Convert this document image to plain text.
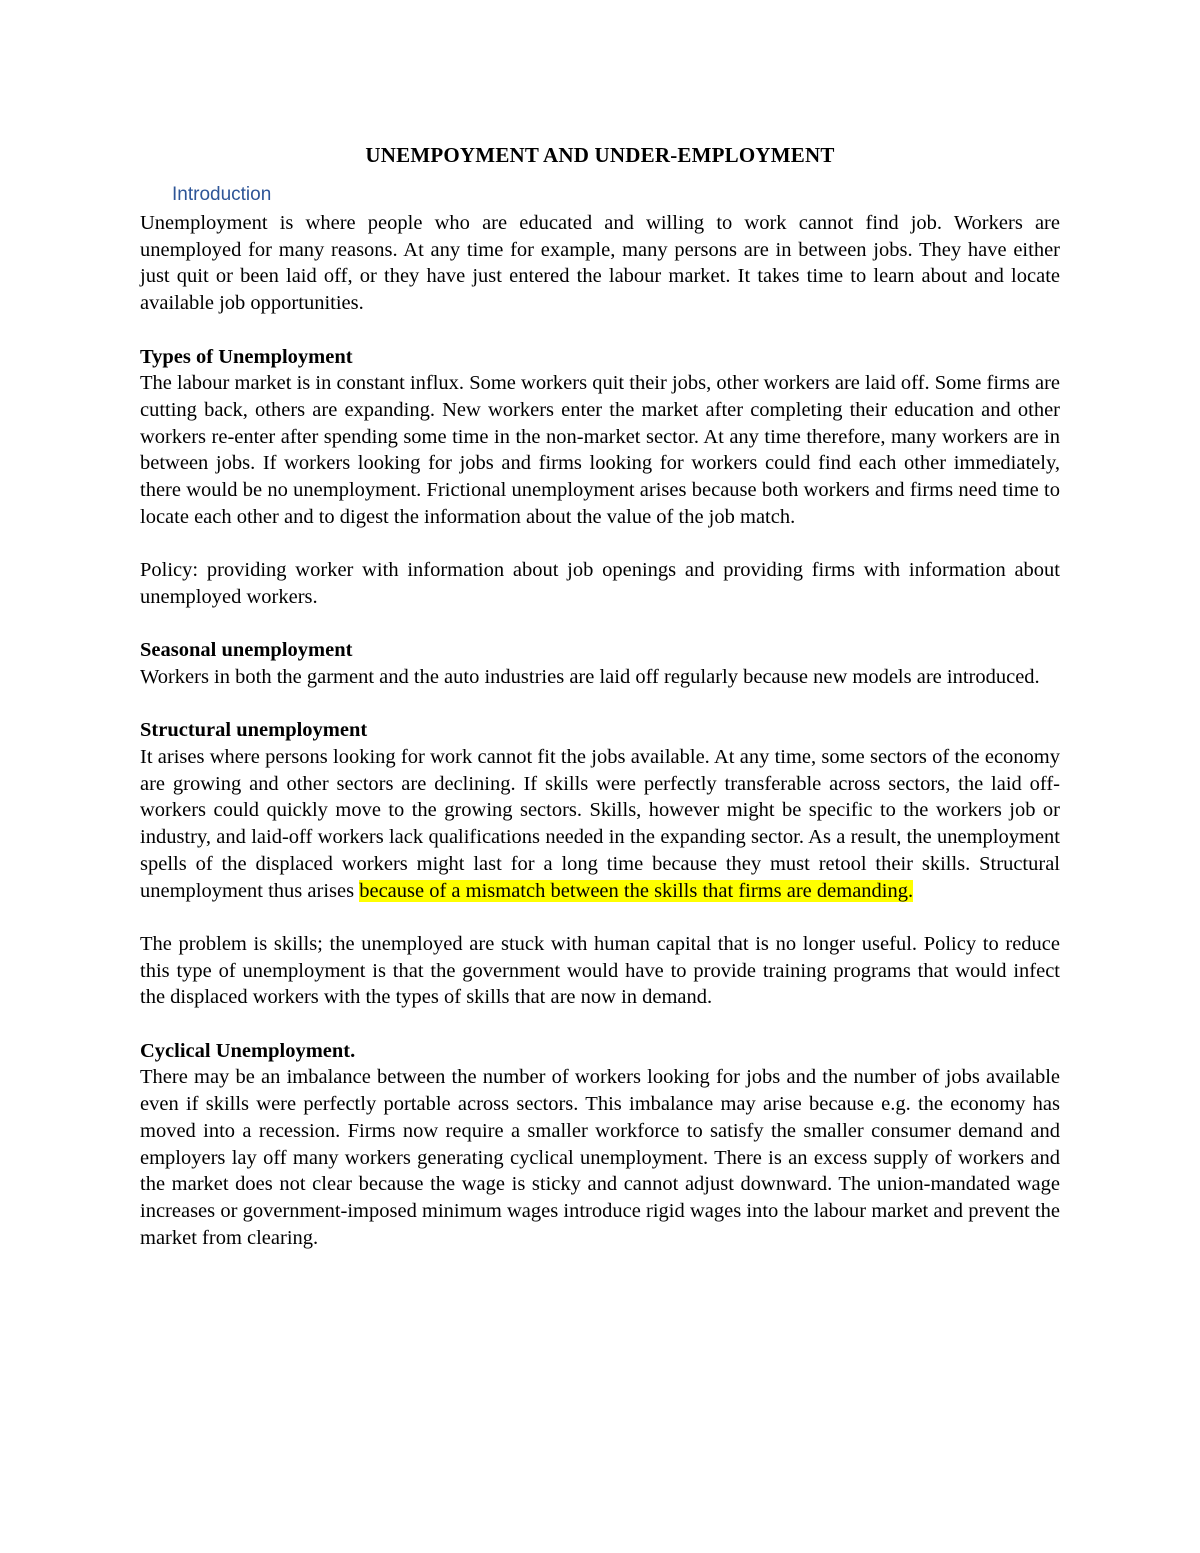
UNEMPOYMENT AND UNDER-EMPLOYMENT
Introduction

Unemployment is where people who are educated and willing to work cannot find job. Workers are unemployed for many reasons. At any time for example, many persons are in between jobs. They have either just quit or been laid off, or they have just entered the labour market. It takes time to learn about and locate available job opportunities.

Types of Unemployment

The labour market is in constant influx. Some workers quit their jobs, other workers are laid off. Some firms are cutting back, others are expanding. New workers enter the market after completing their education and other workers re-enter after spending some time in the non-market sector. At any time therefore, many workers are in between jobs. If workers looking for jobs and firms looking for workers could find each other immediately, there would be no unemployment. Frictional unemployment arises because both workers and firms need time to locate each other and to digest the information about the value of the job match.

Policy: providing worker with information about job openings and providing firms with information about unemployed workers.

Seasonal unemployment

Workers in both the garment and the auto industries are laid off regularly because new models are introduced.

Structural unemployment

It arises where persons looking for work cannot fit the jobs available. At any time, some sectors of the economy are growing and other sectors are declining. If skills were perfectly transferable across sectors, the laid off-workers could quickly move to the growing sectors. Skills, however might be specific to the workers job or industry, and laid-off workers lack qualifications needed in the expanding sector. As a result, the unemployment spells of the displaced workers might last for a long time because they must retool their skills. Structural unemployment thus arises because of a mismatch between the skills that firms are demanding.

The problem is skills; the unemployed are stuck with human capital that is no longer useful. Policy to reduce this type of unemployment is that the government would have to provide training programs that would infect the displaced workers with the types of skills that are now in demand.

Cyclical Unemployment.

There may be an imbalance between the number of workers looking for jobs and the number of jobs available even if skills were perfectly portable across sectors. This imbalance may arise because e.g. the economy has moved into a recession. Firms now require a smaller workforce to satisfy the smaller consumer demand and employers lay off many workers generating cyclical unemployment. There is an excess supply of workers and the market does not clear because the wage is sticky and cannot adjust downward. The union-mandated wage increases or government-imposed minimum wages introduce rigid wages into the labour market and prevent the market from clearing.
